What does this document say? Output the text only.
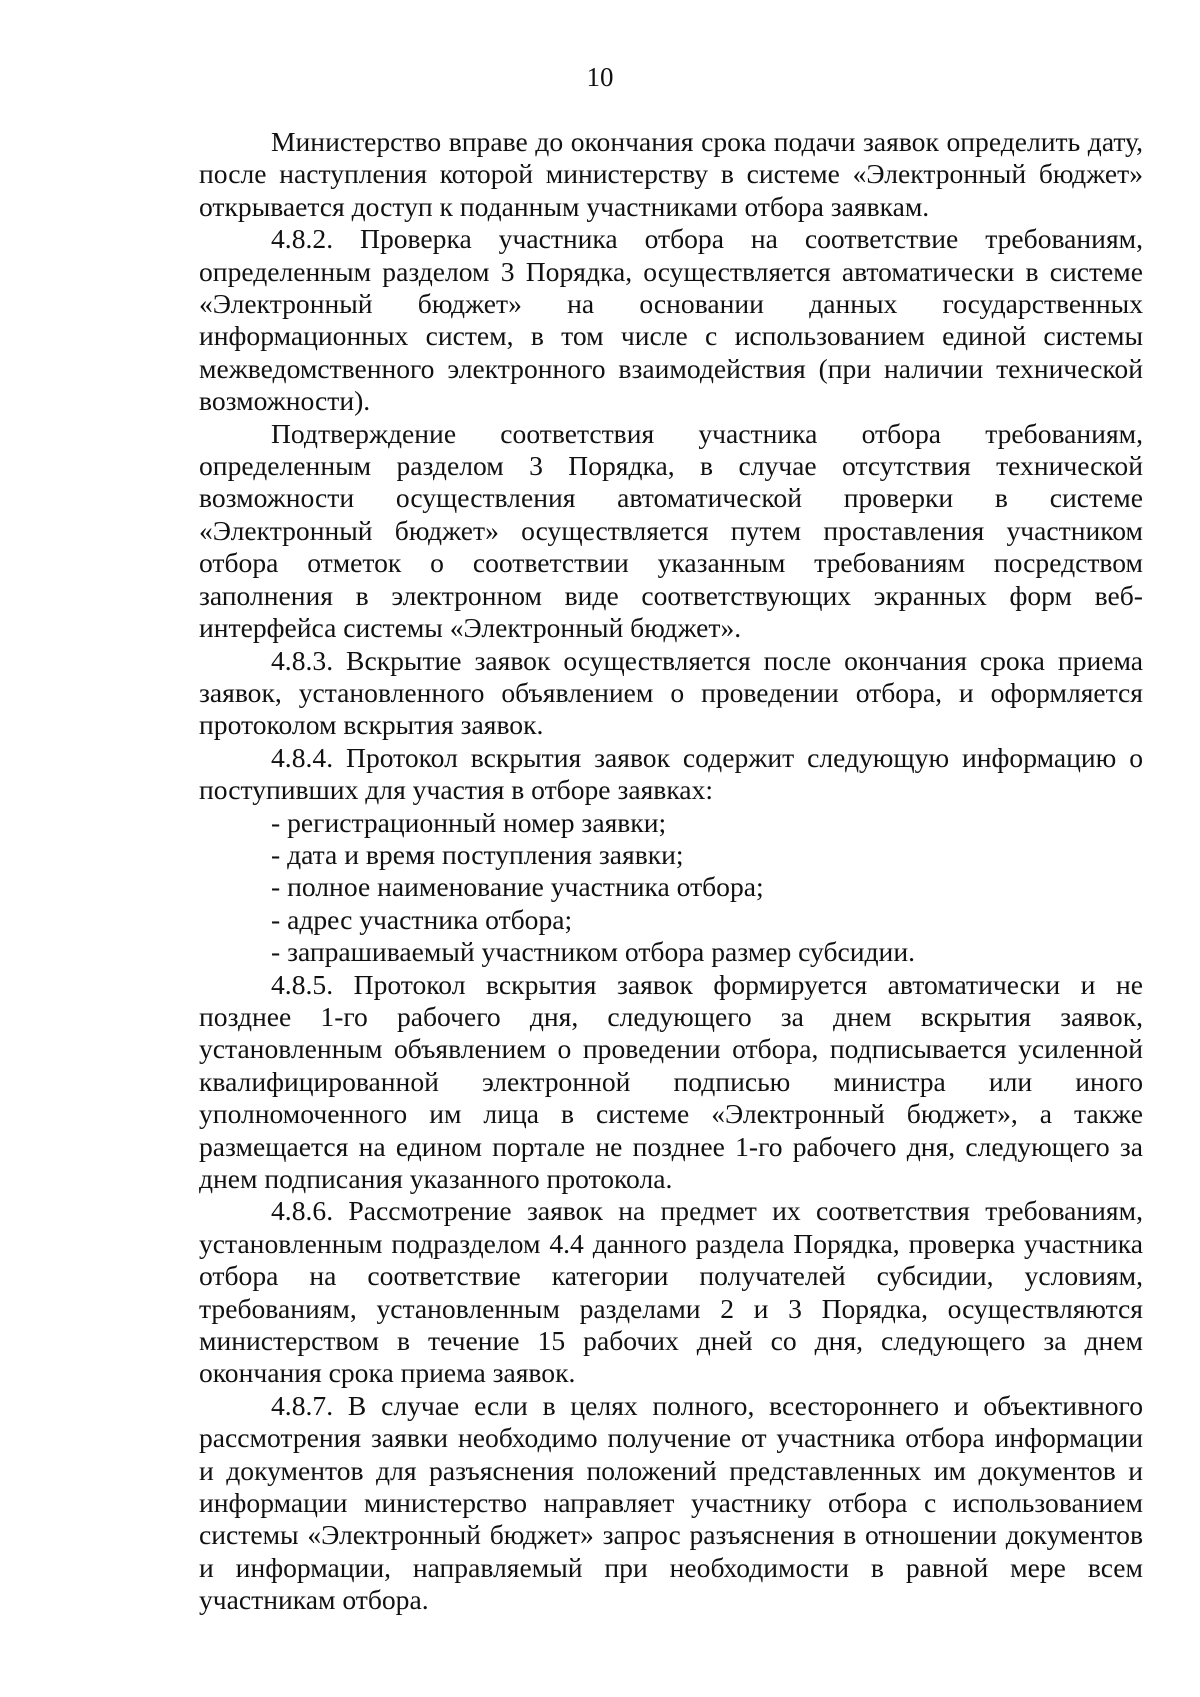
10

Министерство вправе до окончания срока подачи заявок определить дату, после наступления которой министерству в системе «Электронный бюджет» открывается доступ к поданным участниками отбора заявкам.

4.8.2. Проверка участника отбора на соответствие требованиям, определенным разделом 3 Порядка, осуществляется автоматически в системе «Электронный бюджет» на основании данных государственных информационных систем, в том числе с использованием единой системы межведомственного электронного взаимодействия (при наличии технической возможности).

Подтверждение соответствия участника отбора требованиям, определенным разделом 3 Порядка, в случае отсутствия технической возможности осуществления автоматической проверки в системе «Электронный бюджет» осуществляется путем проставления участником отбора отметок о соответствии указанным требованиям посредством заполнения в электронном виде соответствующих экранных форм веб-интерфейса системы «Электронный бюджет».

4.8.3. Вскрытие заявок осуществляется после окончания срока приема заявок, установленного объявлением о проведении отбора, и оформляется протоколом вскрытия заявок.

4.8.4. Протокол вскрытия заявок содержит следующую информацию о поступивших для участия в отборе заявках:

- регистрационный номер заявки;

- дата и время поступления заявки;

- полное наименование участника отбора;

- адрес участника отбора;

- запрашиваемый участником отбора размер субсидии.

4.8.5. Протокол вскрытия заявок формируется автоматически и не позднее 1-го рабочего дня, следующего за днем вскрытия заявок, установленным объявлением о проведении отбора, подписывается усиленной квалифицированной электронной подписью министра или иного уполномоченного им лица в системе «Электронный бюджет», а также размещается на едином портале не позднее 1-го рабочего дня, следующего за днем подписания указанного протокола.

4.8.6. Рассмотрение заявок на предмет их соответствия требованиям, установленным подразделом 4.4 данного раздела Порядка, проверка участника отбора на соответствие категории получателей субсидии, условиям, требованиям, установленным разделами 2 и 3 Порядка, осуществляются министерством в течение 15 рабочих дней со дня, следующего за днем окончания срока приема заявок.

4.8.7. В случае если в целях полного, всестороннего и объективного рассмотрения заявки необходимо получение от участника отбора информации и документов для разъяснения положений представленных им документов и информации министерство направляет участнику отбора с использованием системы «Электронный бюджет» запрос разъяснения в отношении документов и информации, направляемый при необходимости в равной мере всем участникам отбора.
